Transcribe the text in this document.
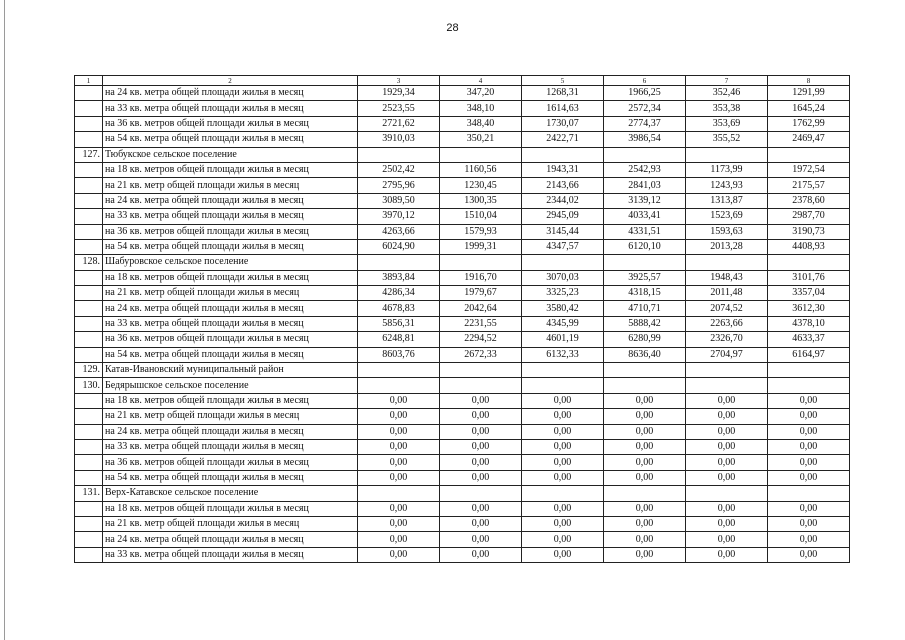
28
1	2	3	4	5	6	7	8
	на 24 кв. метра общей площади жилья в месяц	1929,34	347,20	1268,31	1966,25	352,46	1291,99
	на 33 кв. метра общей площади жилья в месяц	2523,55	348,10	1614,63	2572,34	353,38	1645,24
	на 36 кв. метров общей площади жилья в месяц	2721,62	348,40	1730,07	2774,37	353,69	1762,99
	на 54 кв. метра общей площади жилья в месяц	3910,03	350,21	2422,71	3986,54	355,52	2469,47
127.	Тюбукское сельское поселение						
	на 18 кв. метров общей площади жилья в месяц	2502,42	1160,56	1943,31	2542,93	1173,99	1972,54
	на 21 кв. метр общей площади жилья в месяц	2795,96	1230,45	2143,66	2841,03	1243,93	2175,57
	на 24 кв. метра общей площади жилья в месяц	3089,50	1300,35	2344,02	3139,12	1313,87	2378,60
	на 33 кв. метра общей площади жилья в месяц	3970,12	1510,04	2945,09	4033,41	1523,69	2987,70
	на 36 кв. метров общей площади жилья в месяц	4263,66	1579,93	3145,44	4331,51	1593,63	3190,73
	на 54 кв. метра общей площади жилья в месяц	6024,90	1999,31	4347,57	6120,10	2013,28	4408,93
128.	Шабуровское сельское поселение						
	на 18 кв. метров общей площади жилья в месяц	3893,84	1916,70	3070,03	3925,57	1948,43	3101,76
	на 21 кв. метр общей площади жилья в месяц	4286,34	1979,67	3325,23	4318,15	2011,48	3357,04
	на 24 кв. метра общей площади жилья в месяц	4678,83	2042,64	3580,42	4710,71	2074,52	3612,30
	на 33 кв. метра общей площади жилья в месяц	5856,31	2231,55	4345,99	5888,42	2263,66	4378,10
	на 36 кв. метров общей площади жилья в месяц	6248,81	2294,52	4601,19	6280,99	2326,70	4633,37
	на 54 кв. метра общей площади жилья в месяц	8603,76	2672,33	6132,33	8636,40	2704,97	6164,97
129.	Катав-Ивановский муниципальный район						
130.	Бедярышское сельское поселение						
	на 18 кв. метров общей площади жилья в месяц	0,00	0,00	0,00	0,00	0,00	0,00
	на 21 кв. метр общей площади жилья в месяц	0,00	0,00	0,00	0,00	0,00	0,00
	на 24 кв. метра общей площади жилья в месяц	0,00	0,00	0,00	0,00	0,00	0,00
	на 33 кв. метра общей площади жилья в месяц	0,00	0,00	0,00	0,00	0,00	0,00
	на 36 кв. метров общей площади жилья в месяц	0,00	0,00	0,00	0,00	0,00	0,00
	на 54 кв. метра общей площади жилья в месяц	0,00	0,00	0,00	0,00	0,00	0,00
131.	Верх-Катавское сельское поселение						
	на 18 кв. метров общей площади жилья в месяц	0,00	0,00	0,00	0,00	0,00	0,00
	на 21 кв. метр общей площади жилья в месяц	0,00	0,00	0,00	0,00	0,00	0,00
	на 24 кв. метра общей площади жилья в месяц	0,00	0,00	0,00	0,00	0,00	0,00
	на 33 кв. метра общей площади жилья в месяц	0,00	0,00	0,00	0,00	0,00	0,00
